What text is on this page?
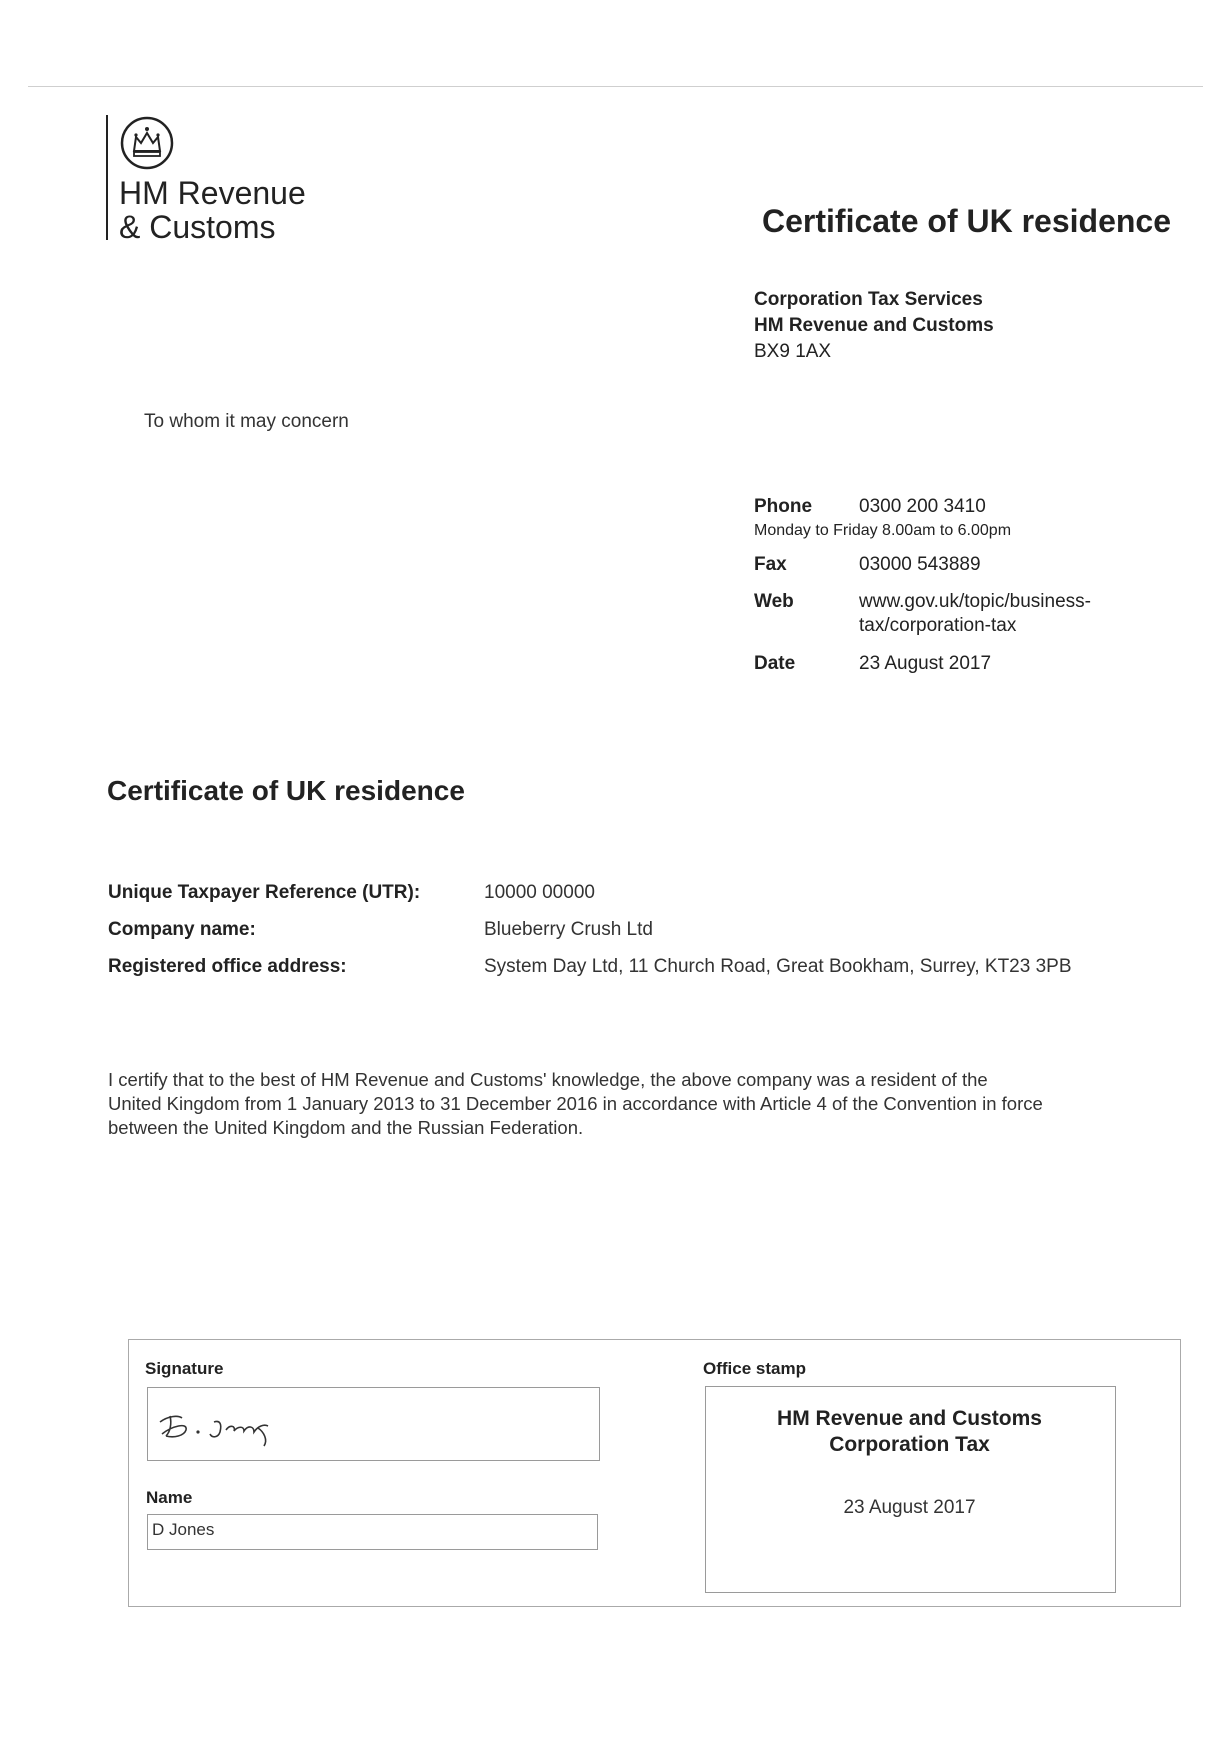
HM Revenue
& Customs	Certificate of UK residence
Corporation Tax Services
HM Revenue and Customs
BX9 1AX
To whom it may concern
Phone 0300 200 3410
Monday to Friday 8.00am to 6.00pm
Fax	03000 543889
Web	www.gov.uk/topic/business-
tax/corporation-tax
Date	23 August 2017
Certificate of UK residence
Unique Taxpayer Reference (UTR):	10000 00000
Company name:	Blueberry Crush Ltd
Registered office address:	System Day Ltd, 11 Church Road, Great Bookham, Surrey, KT23 3PB
I certify that to the best of HM Revenue and Customs' knowledge, the above company was a resident of the
United Kingdom from 1 January 2013 to 31 December 2016 in accordance with Article 4 of the Convention in force
between the United Kingdom and the Russian Federation.
Signature
Name
D Jones
Office stamp
HM Revenue and Customs
Corporation Tax
23 August 2017
